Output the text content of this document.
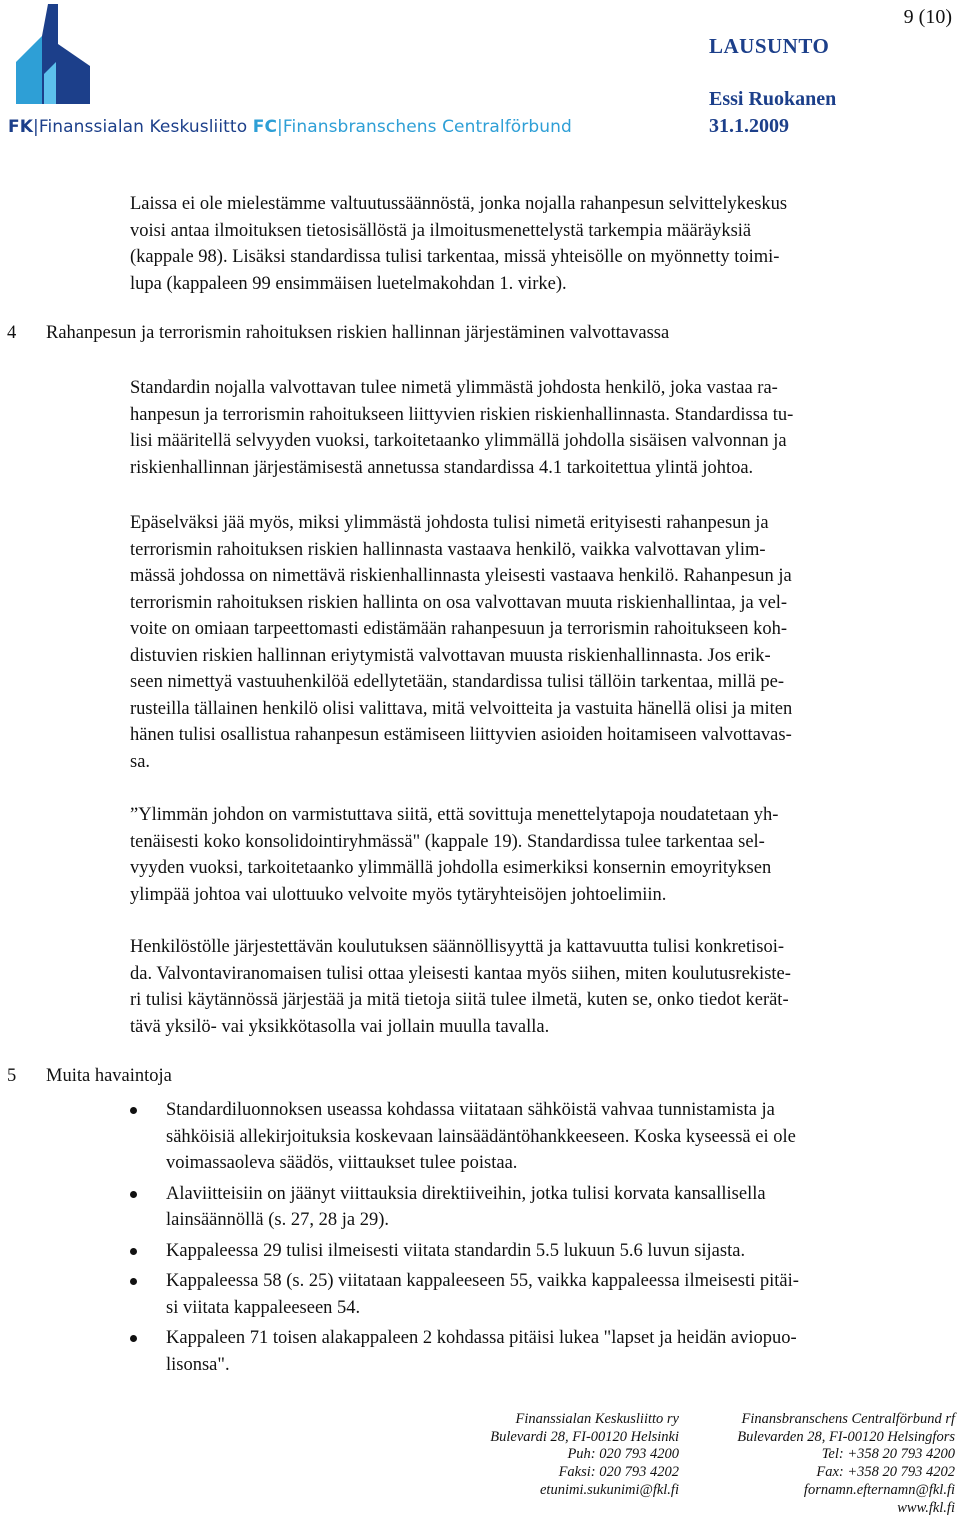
FK|Finanssialan Keskusliitto FC|Finansbranschens Centralförbund
9 (10)
LAUSUNTO
Essi Ruokanen
31.1.2009

Laissa ei ole mielestämme valtuutussäännöstä, jonka nojalla rahanpesun selvittelykeskus
voisi antaa ilmoituksen tietosisällöstä ja ilmoitusmenettelystä tarkempia määräyksiä
(kappale 98). Lisäksi standardissa tulisi tarkentaa, missä yhteisölle on myönnetty toimi-
lupa (kappaleen 99 ensimmäisen luetelmakohdan 1. virke).

4 Rahanpesun ja terrorismin rahoituksen riskien hallinnan järjestäminen valvottavassa

Standardin nojalla valvottavan tulee nimetä ylimmästä johdosta henkilö, joka vastaa ra-
hanpesun ja terrorismin rahoitukseen liittyvien riskien riskienhallinnasta. Standardissa tu-
lisi määritellä selvyyden vuoksi, tarkoitetaanko ylimmällä johdolla sisäisen valvonnan ja
riskienhallinnan järjestämisestä annetussa standardissa 4.1 tarkoitettua ylintä johtoa.

Epäselväksi jää myös, miksi ylimmästä johdosta tulisi nimetä erityisesti rahanpesun ja
terrorismin rahoituksen riskien hallinnasta vastaava henkilö, vaikka valvottavan ylim-
mässä johdossa on nimettävä riskienhallinnasta yleisesti vastaava henkilö. Rahanpesun ja
terrorismin rahoituksen riskien hallinta on osa valvottavan muuta riskienhallintaa, ja vel-
voite on omiaan tarpeettomasti edistämään rahanpesuun ja terrorismin rahoitukseen koh-
distuvien riskien hallinnan eriytymistä valvottavan muusta riskienhallinnasta. Jos erik-
seen nimettyä vastuuhenkilöä edellytetään, standardissa tulisi tällöin tarkentaa, millä pe-
rusteilla tällainen henkilö olisi valittava, mitä velvoitteita ja vastuita hänellä olisi ja miten
hänen tulisi osallistua rahanpesun estämiseen liittyvien asioiden hoitamiseen valvottavas-
sa.

”Ylimmän johdon on varmistuttava siitä, että sovittuja menettelytapoja noudatetaan yh-
tenäisesti koko konsolidointiryhmässä" (kappale 19). Standardissa tulee tarkentaa sel-
vyyden vuoksi, tarkoitetaanko ylimmällä johdolla esimerkiksi konsernin emoyrityksen
ylimpää johtoa vai ulottuuko velvoite myös tytäryhteisöjen johtoelimiin.

Henkilöstölle järjestettävän koulutuksen säännöllisyyttä ja kattavuutta tulisi konkretisoi-
da. Valvontaviranomaisen tulisi ottaa yleisesti kantaa myös siihen, miten koulutusrekiste-
ri tulisi käytännössä järjestää ja mitä tietoja siitä tulee ilmetä, kuten se, onko tiedot kerät-
tävä yksilö- vai yksikkötasolla vai jollain muulla tavalla.

5 Muita havaintoja
Standardiluonnoksen useassa kohdassa viitataan sähköistä vahvaa tunnistamista ja
sähköisiä allekirjoituksia koskevaan lainsäädäntöhankkeeseen. Koska kyseessä ei ole
voimassaoleva säädös, viittaukset tulee poistaa.
Alaviitteisiin on jäänyt viittauksia direktiiveihin, jotka tulisi korvata kansallisella
lainsäännöllä (s. 27, 28 ja 29).
Kappaleessa 29 tulisi ilmeisesti viitata standardin 5.5 lukuun 5.6 luvun sijasta.
Kappaleessa 58 (s. 25) viitataan kappaleeseen 55, vaikka kappaleessa ilmeisesti pitäi-
si viitata kappaleeseen 54.
Kappaleen 71 toisen alakappaleen 2 kohdassa pitäisi lukea "lapset ja heidän aviopuo-
lisonsa".
Finanssialan Keskusliitto ry
Bulevardi 28, FI-00120 Helsinki
Puh: 020 793 4200
Faksi: 020 793 4202
etunimi.sukunimi@fkl.fi
Finansbranschens Centralförbund rf
Bulevarden 28, FI-00120 Helsingfors
Tel: +358 20 793 4200
Fax: +358 20 793 4202
fornamn.efternamn@fkl.fi
www.fkl.fi
